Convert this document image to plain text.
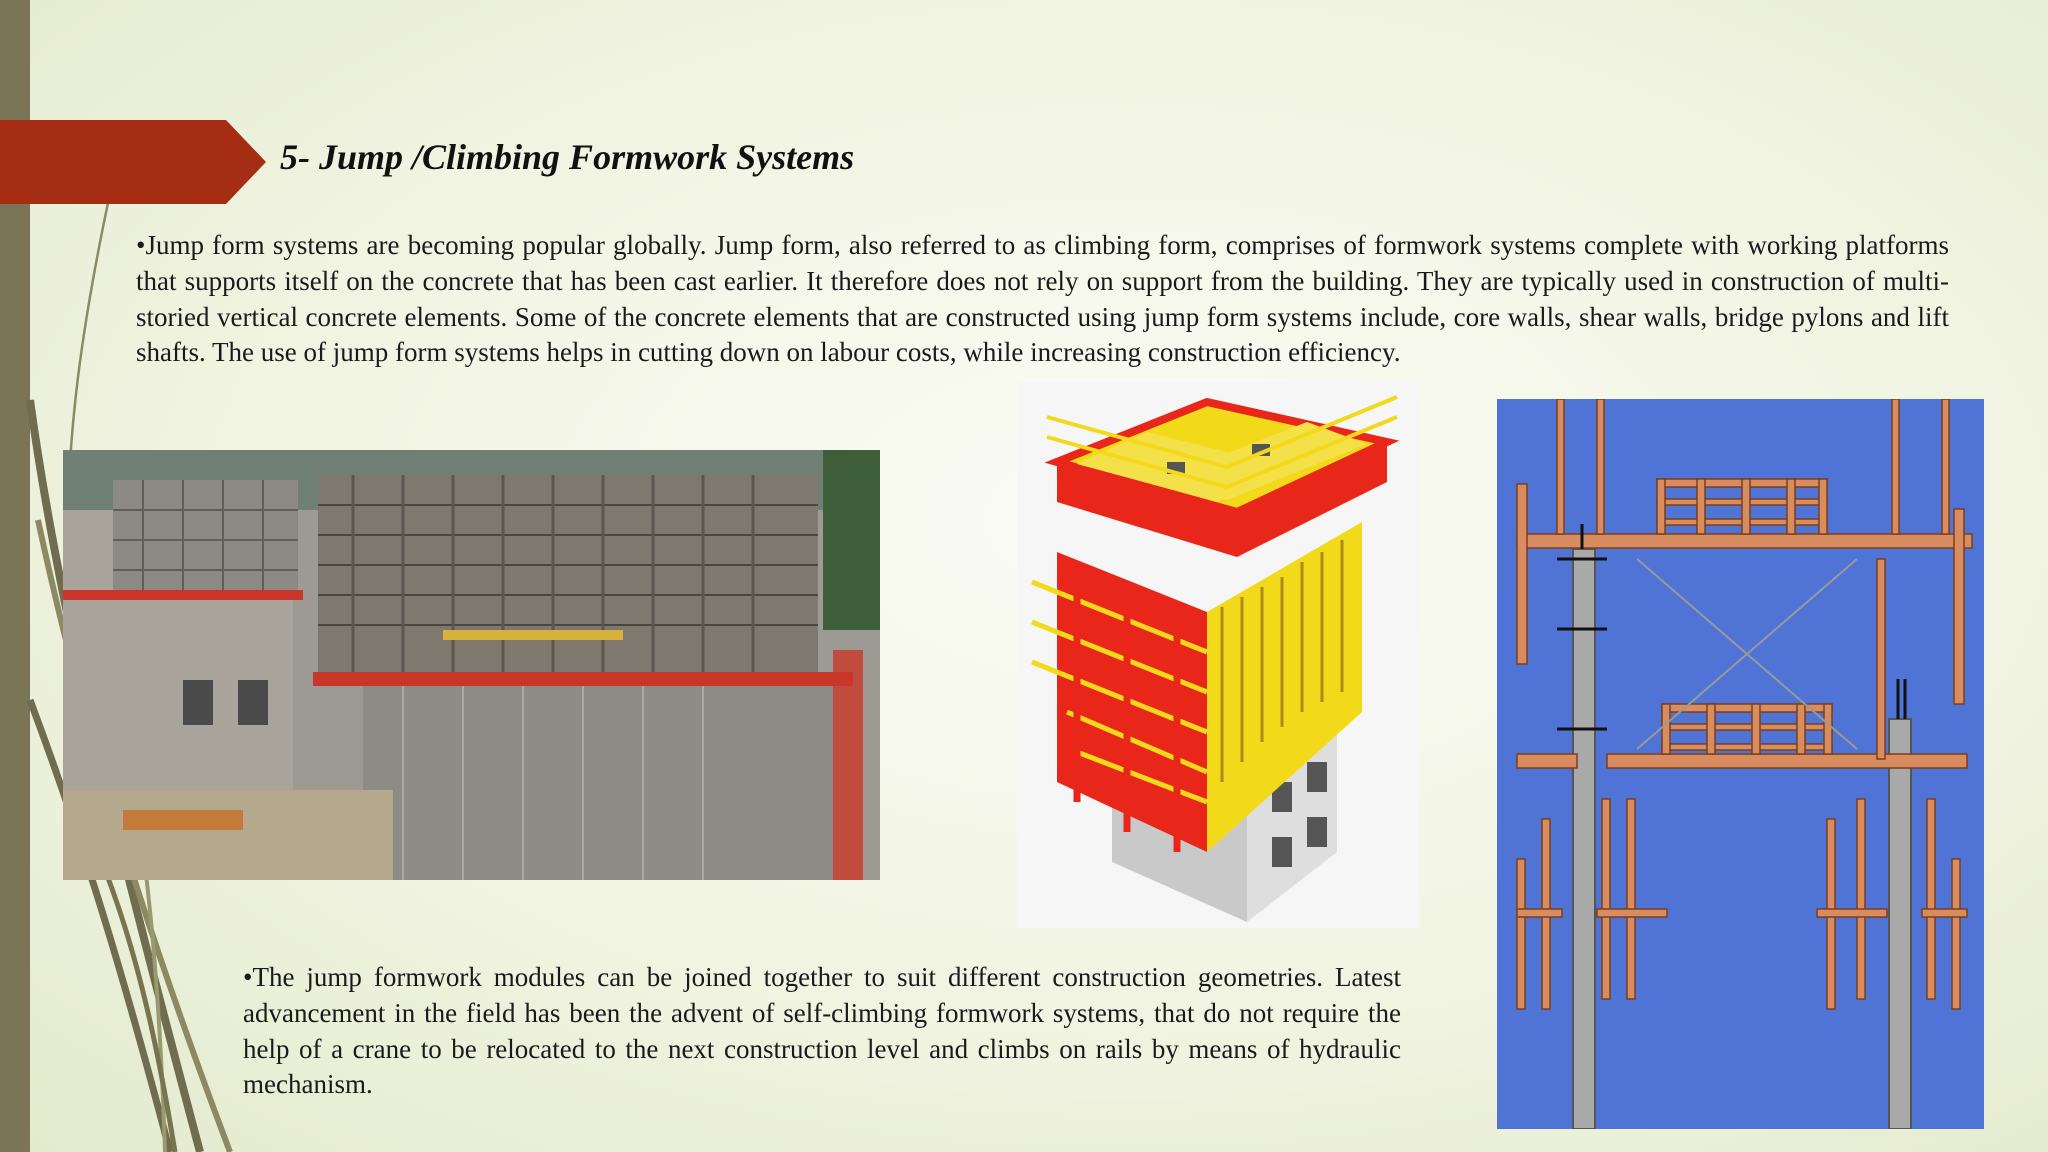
5- Jump /Climbing Formwork Systems

•Jump form systems are becoming popular globally. Jump form, also referred to as climbing form, comprises of formwork systems complete with working platforms that supports itself on the concrete that has been cast earlier. It therefore does not rely on support from the building. They are typically used in construction of multi-storied vertical concrete elements. Some of the concrete elements that are constructed using jump form systems include, core walls, shear walls, bridge pylons and lift shafts. The use of jump form systems helps in cutting down on labour costs, while increasing construction efficiency.

•The jump formwork modules can be joined together to suit different construction geometries. Latest advancement in the field has been the advent of self-climbing formwork systems, that do not require the help of a crane to be relocated to the next construction level and climbs on rails by means of hydraulic mechanism.
